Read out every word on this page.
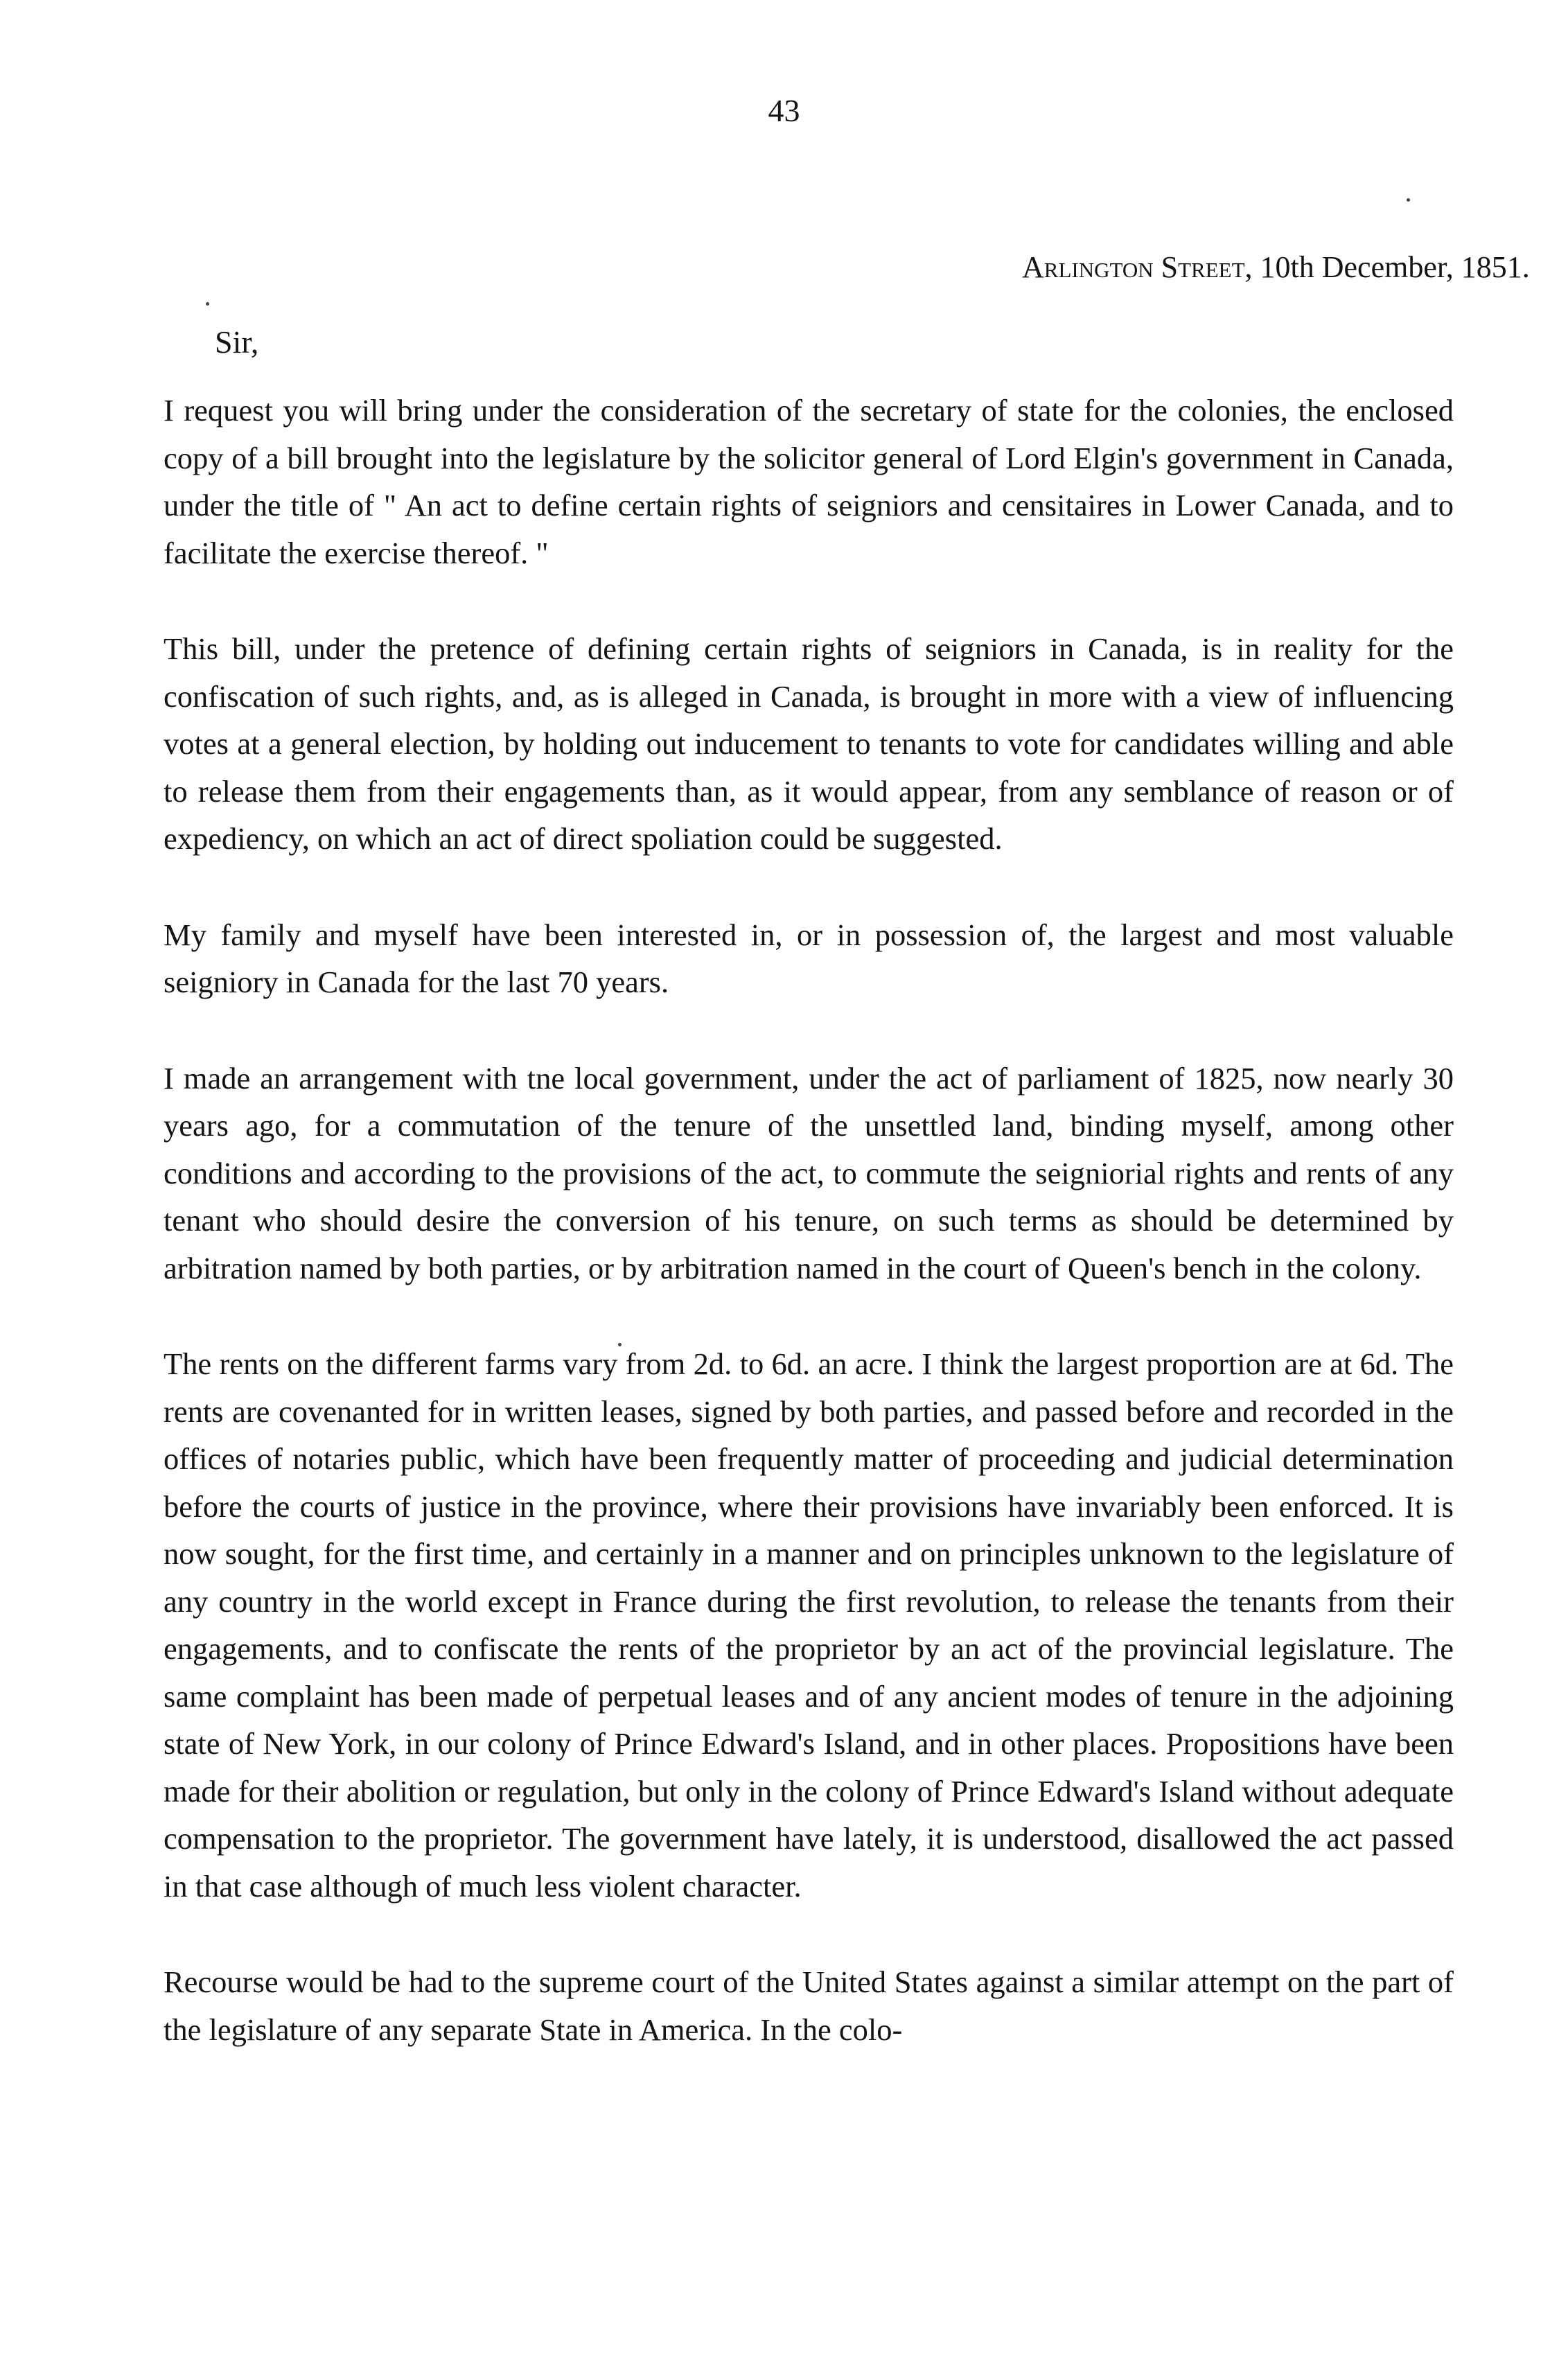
43
Arlington Street, 10th December, 1851.
Sir,

I request you will bring under the consideration of the secretary of state for the colonies, the enclosed copy of a bill brought into the legislature by the solicitor general of Lord Elgin's government in Canada, under the title of " An act to define certain rights of seigniors and censitaires in Lower Canada, and to facilitate the exercise thereof. "

This bill, under the pretence of defining certain rights of seigniors in Canada, is in reality for the confiscation of such rights, and, as is alleged in Canada, is brought in more with a view of influencing votes at a general election, by holding out inducement to tenants to vote for candidates willing and able to release them from their engagements than, as it would appear, from any semblance of reason or of expediency, on which an act of direct spoliation could be suggested.

My family and myself have been interested in, or in possession of, the largest and most valuable seigniory in Canada for the last 70 years.

I made an arrangement with tne local government, under the act of parliament of 1825, now nearly 30 years ago, for a commutation of the tenure of the unsettled land, binding myself, among other conditions and according to the provisions of the act, to commute the seigniorial rights and rents of any tenant who should desire the conversion of his tenure, on such terms as should be determined by arbitration named by both parties, or by arbitration named in the court of Queen's bench in the colony.

The rents on the different farms vary from 2d. to 6d. an acre. I think the largest proportion are at 6d. The rents are covenanted for in written leases, signed by both parties, and passed before and recorded in the offices of notaries public, which have been frequently matter of proceeding and judicial determination before the courts of justice in the province, where their provisions have invariably been enforced. It is now sought, for the first time, and certainly in a manner and on principles unknown to the legislature of any country in the world except in France during the first revolution, to release the tenants from their engagements, and to confiscate the rents of the proprietor by an act of the provincial legislature. The same complaint has been made of perpetual leases and of any ancient modes of tenure in the adjoining state of New York, in our colony of Prince Edward's Island, and in other places. Propositions have been made for their abolition or regulation, but only in the colony of Prince Edward's Island without adequate compensation to the proprietor. The government have lately, it is understood, disallowed the act passed in that case although of much less violent character.

Recourse would be had to the supreme court of the United States against a similar attempt on the part of the legislature of any separate State in America. In the colo-
